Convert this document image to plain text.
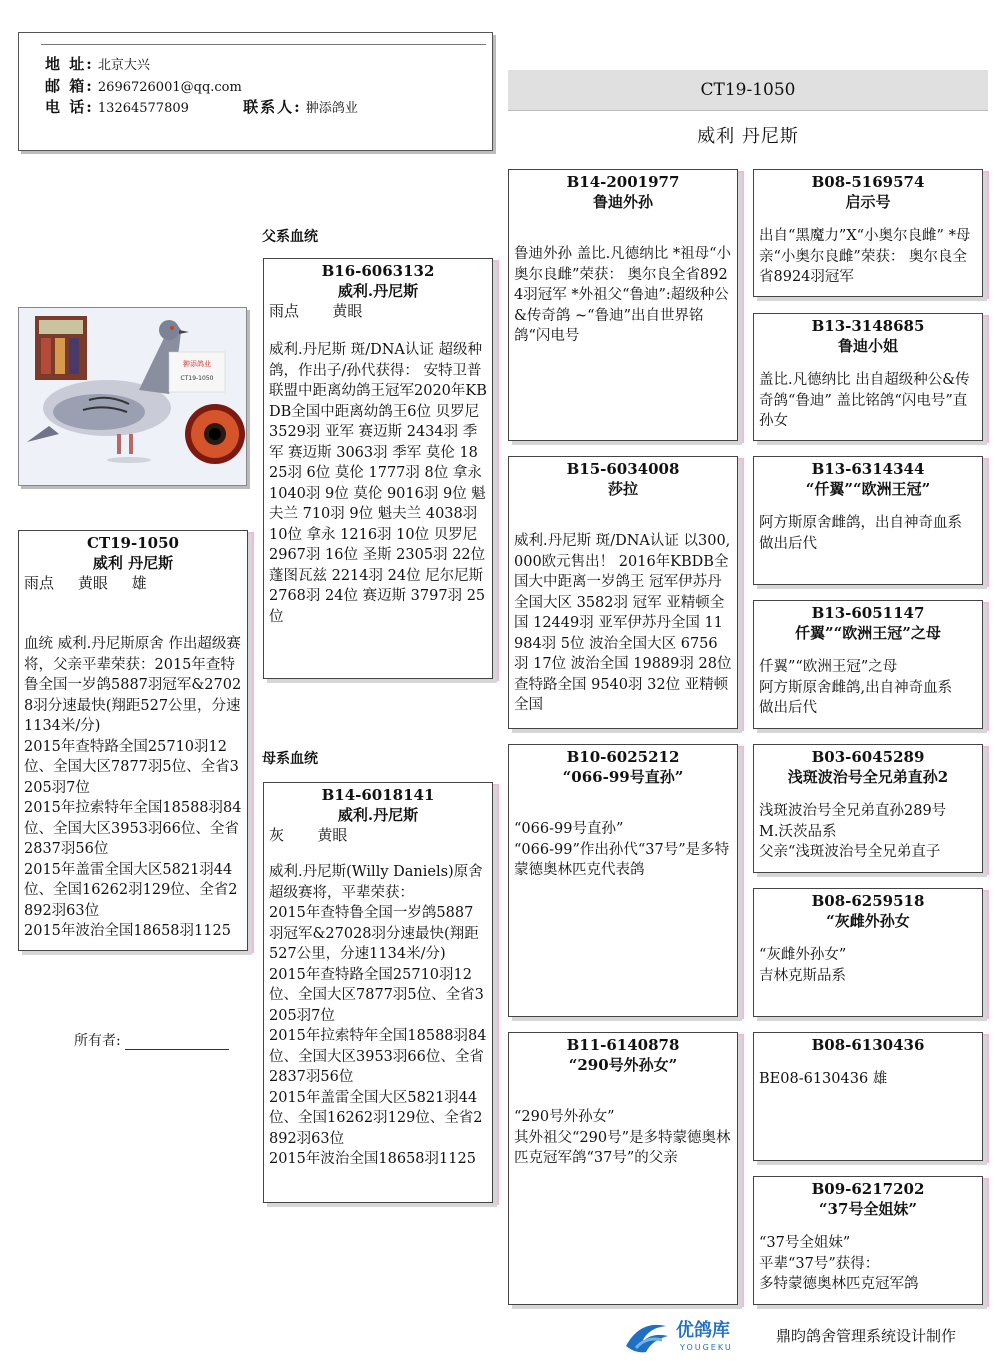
地 址: 北京大兴
邮 箱: 2696726001@qq.com
电 话: 13264577809	联系人: 翀添鸽业
CT19-1050
威利 丹尼斯
翀添鸽业
CT19-1050
CT19-1050
威利 丹尼斯
雨点     黄眼     雄
血统 威利.丹尼斯原舍 作出超级赛将，父亲平辈荣获：2015年查特鲁全国一岁鸽5887羽冠军&27028羽分速最快(翔距527公里，分速1134米/分)
2015年查特路全国25710羽12位、全国大区7877羽5位、全省3205羽7位
2015年拉索特年全国18588羽84位、全国大区3953羽66位、全省2837羽56位
2015年盖雷全国大区5821羽44位、全国16262羽129位、全省2892羽63位
2015年波治全国18658羽1125
所有者:
父系血统
母系血统
B16-6063132
威利.丹尼斯
雨点       黄眼
威利.丹尼斯 斑/DNA认证 超级种鸽，作出子/孙代获得： 安特卫普联盟中距离幼鸽王冠军2020年KBDB全国中距离幼鸽王6位 贝罗尼 3529羽 亚军 赛迈斯 2434羽 季军 赛迈斯 3063羽 季军 莫伦 1825羽 6位 莫伦 1777羽 8位 拿永 1040羽 9位 莫伦 9016羽 9位 魁夫兰 710羽 9位 魁夫兰 4038羽 10位 拿永 1216羽 10位 贝罗尼 2967羽 16位 圣斯 2305羽 22位 蓬图瓦兹 2214羽 24位 尼尔尼斯 2768羽 24位 赛迈斯 3797羽 25位
B14-6018141
威利.丹尼斯
灰       黄眼
威利.丹尼斯(Willy Daniels)原舍
超级赛将，平辈荣获：
2015年查特鲁全国一岁鸽5887羽冠军&27028羽分速最快(翔距527公里，分速1134米/分)
2015年查特路全国25710羽12位、全国大区7877羽5位、全省3205羽7位
2015年拉索特年全国18588羽84位、全国大区3953羽66位、全省2837羽56位
2015年盖雷全国大区5821羽44位、全国16262羽129位、全省2892羽63位
2015年波治全国18658羽1125
B14-2001977
鲁迪外孙
鲁迪外孙 盖比.凡德纳比 *祖母“小奥尔良雌”荣获： 奥尔良全省8924羽冠军 *外祖父“鲁迪”:超级种公&传奇鸽 ~“鲁迪”出自世界铭鸽“闪电号
B15-6034008
莎拉
威利.丹尼斯 斑/DNA认证 以300,000欧元售出！ 2016年KBDB全国大中距离一岁鸽王 冠军伊苏丹全国大区 3582羽 冠军 亚精顿全国 12449羽 亚军伊苏丹全国 11984羽 5位 波治全国大区 6756羽 17位 波治全国 19889羽 28位 查特路全国 9540羽 32位 亚精顿全国
B10-6025212
“066-99号直孙”
“066-99号直孙”
“066-99”作出孙代“37号”是多特蒙德奥林匹克代表鸽
B11-6140878
“290号外孙女”
“290号外孙女”
其外祖父“290号”是多特蒙德奥林匹克冠军鸽“37号”的父亲
B08-5169574
启示号
出自“黑魔力”X“小奥尔良雌” *母亲“小奥尔良雌”荣获： 奥尔良全省8924羽冠军
B13-3148685
鲁迪小姐
盖比.凡德纳比 出自超级种公&传奇鸽“鲁迪” 盖比铭鸽“闪电号”直孙女
B13-6314344
“仟翼”“欧洲王冠”
阿方斯原舍雌鸽，出自神奇血系
做出后代
B13-6051147
仟翼”“欧洲王冠”之母
仟翼”“欧洲王冠”之母
阿方斯原舍雌鸽,出自神奇血系
做出后代
B03-6045289
浅斑波治号全兄弟直孙2
浅斑波治号全兄弟直孙289号
M.沃茨品系
父亲“浅斑波治号全兄弟直子
B08-6259518
“灰雌外孙女
“灰雌外孙女”
吉林克斯品系
B08-6130436
BE08-6130436 雄
B09-6217202
“37号全姐妹”
“37号全姐妹”
平辈“37号”获得：
多特蒙德奥林匹克冠军鸽
优鸽库
YOUGEKU
鼎昀鸽舍管理系统设计制作
